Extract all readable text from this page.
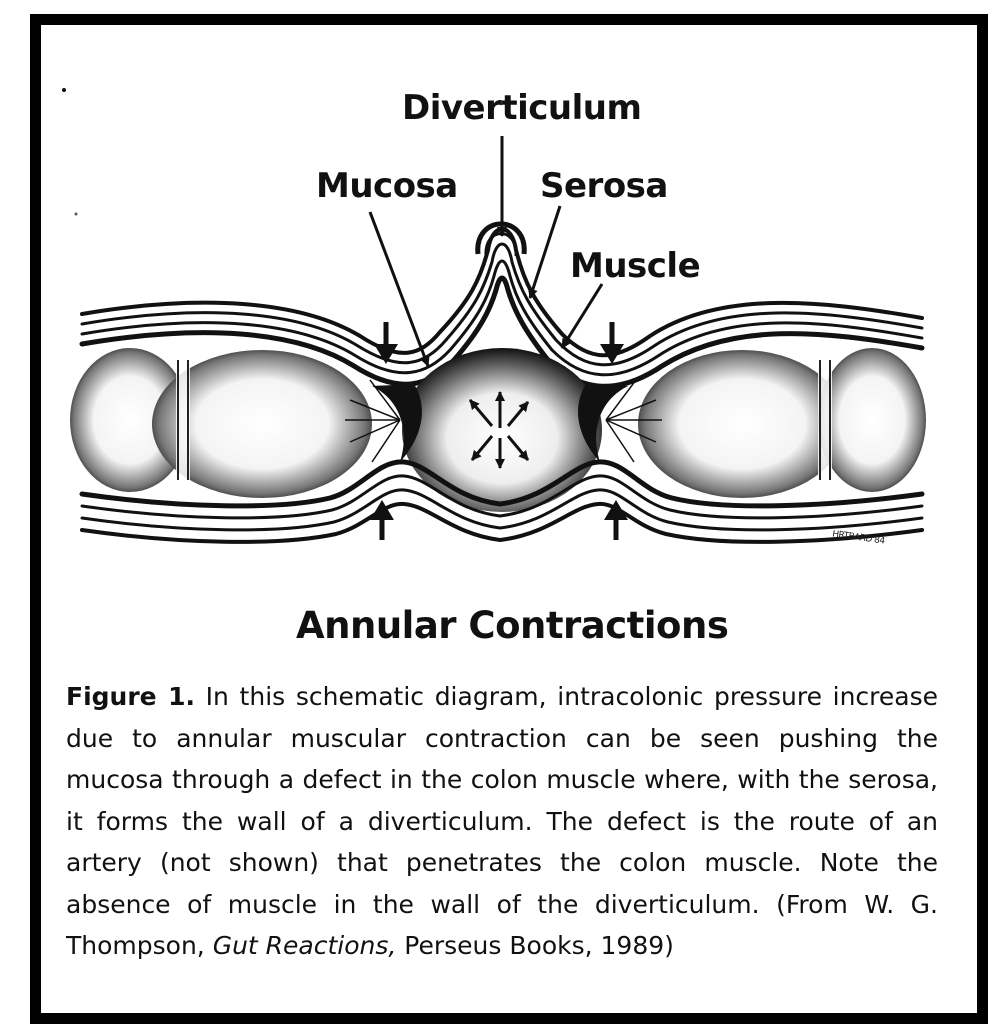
Diverticulum
Mucosa Serosa
Muscle
HRTBARD 84
Annular Contractions
Figure 1. In this schematic diagram, intracolonic pressure increase due to annular muscular contraction can be seen pushing the mucosa through a defect in the colon muscle where, with the serosa, it forms the wall of a diverticulum. The defect is the route of an artery (not shown) that penetrates the colon muscle. Note the absence of muscle in the wall of the diverticulum. (From W. G. Thompson, Gut Reactions, Perseus Books, 1989)
